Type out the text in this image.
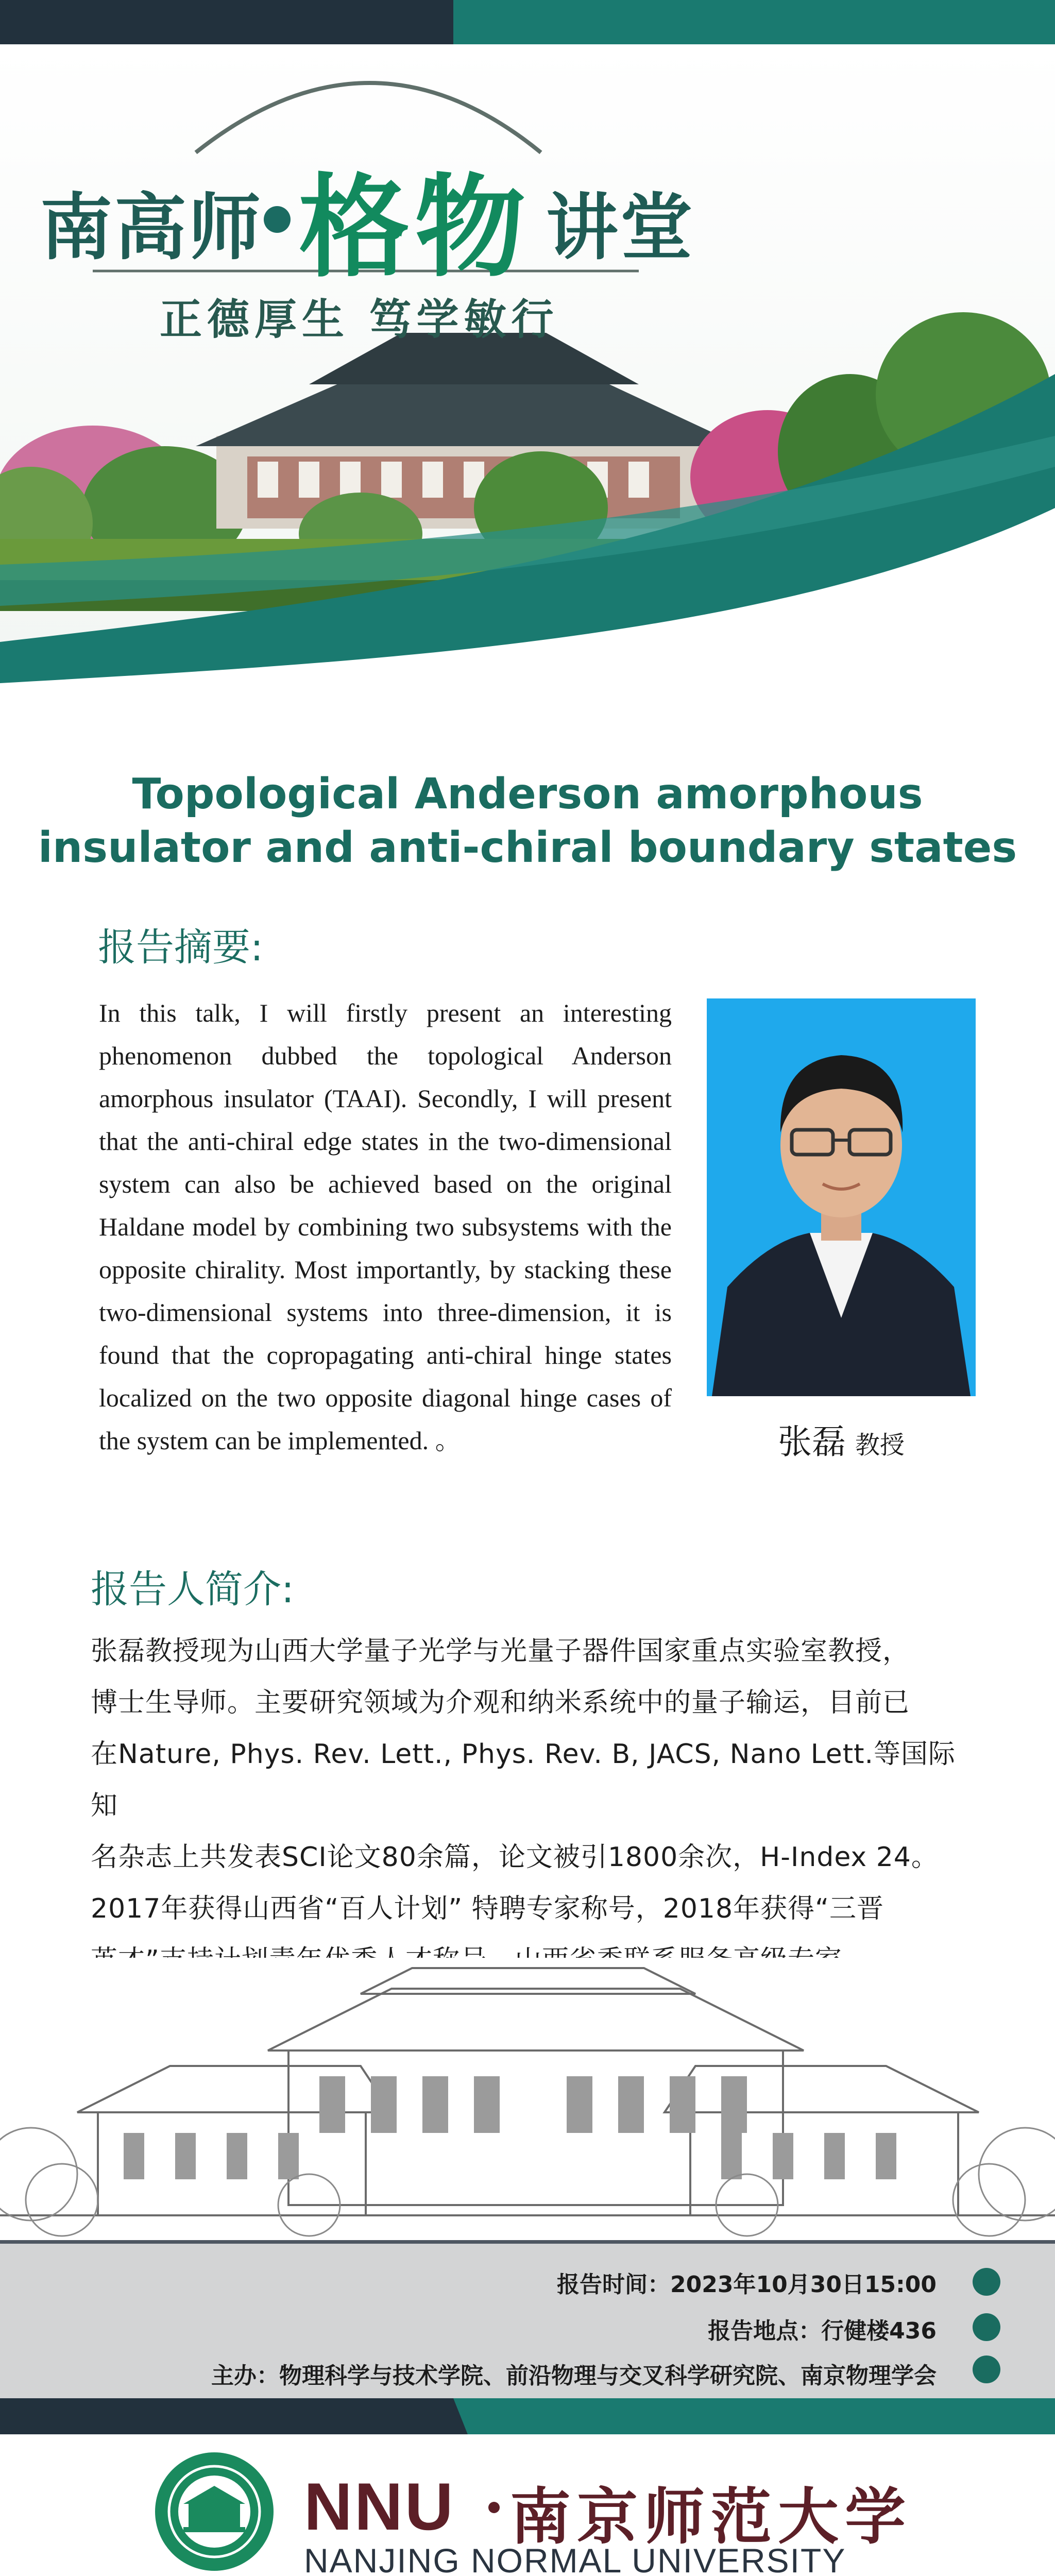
南高师 格物 讲堂
正德厚生 笃学敏行
Topological Anderson amorphous
insulator and anti-chiral boundary states
报告摘要:
In this talk, I will firstly present an interesting phenomenon dubbed the topological Anderson amorphous insulator (TAAI). Secondly, I will present that the anti-chiral edge states in the two-dimensional system can also be achieved based on the original Haldane model by combining two subsystems with the opposite chirality. Most importantly, by stacking these two-dimensional systems into three-dimension, it is found that the copropagating anti-chiral hinge states localized on the two opposite diagonal hinge cases of the system can be implemented. 。	张磊 教授
报告人简介:
张磊教授现为山西大学量子光学与光量子器件国家重点实验室教授，
博士生导师。主要研究领域为介观和纳米系统中的量子输运，目前已
在Nature, Phys. Rev. Lett., Phys. Rev. B, JACS, Nano Lett.等国际知
名杂志上共发表SCI论文80余篇，论文被引1800余次，H-Index 24。
2017年获得山西省“百人计划” 特聘专家称号，2018年获得“三晋
报告时间：2023年10月30日15:00
报告地点：行健楼436
主办：物理科学与技术学院、前沿物理与交叉科学研究院、南京物理学会
NNU 南京师范大学
NANJING NORMAL UNIVERSITY
